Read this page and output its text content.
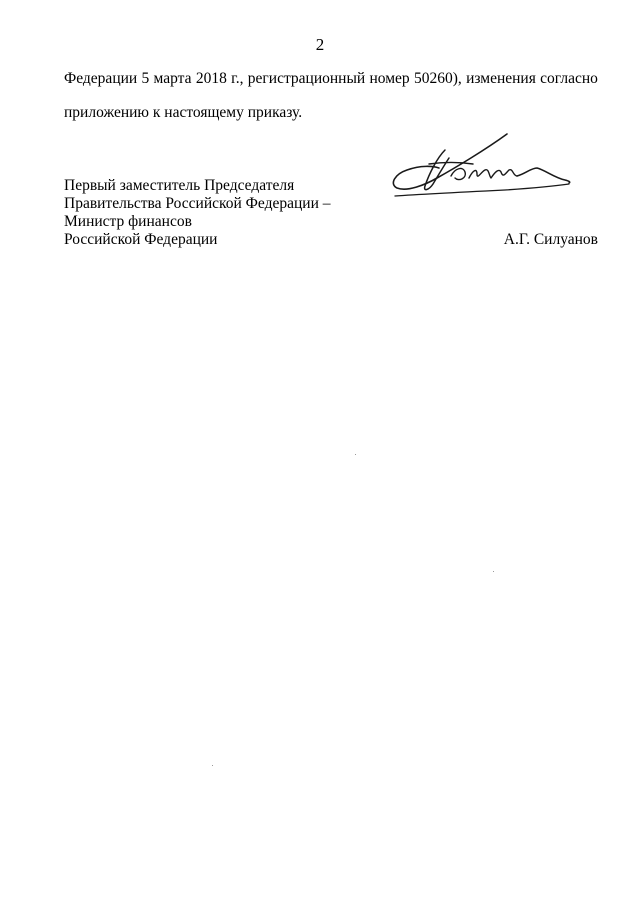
2
Федерации 5 марта 2018 г., регистрационный номер 50260), изменения согласно
приложению к настоящему приказу.
Первый заместитель Председателя
Правительства Российской Федерации –
Министр финансов
Российской Федерации	А.Г. Силуанов
